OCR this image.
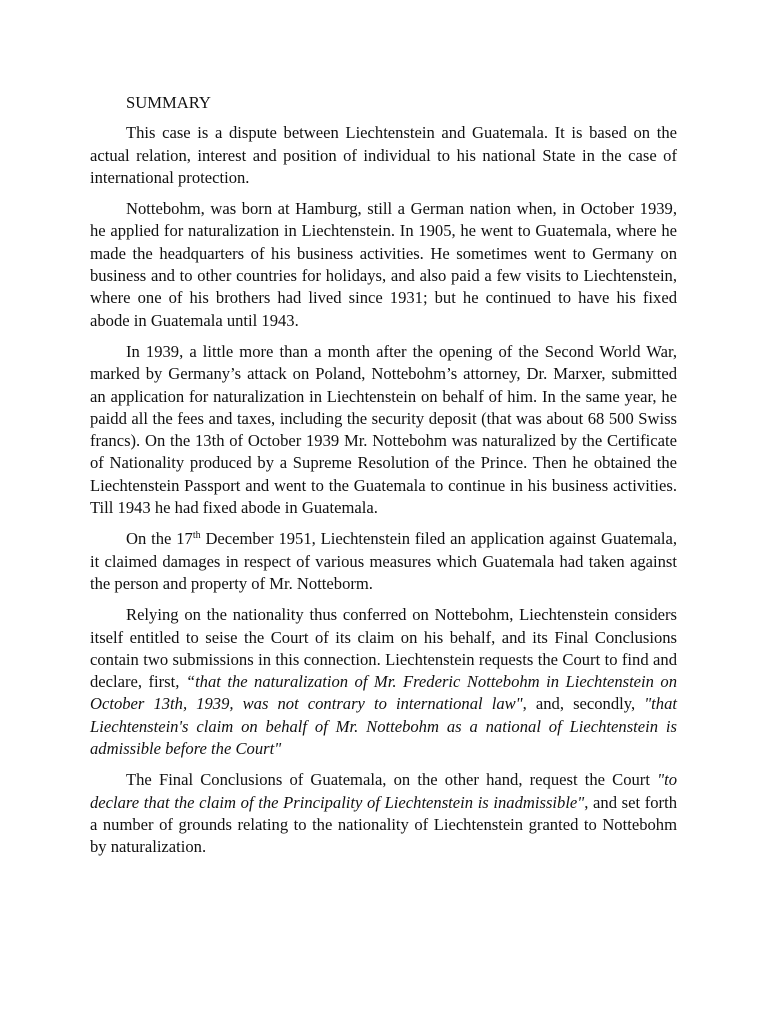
SUMMARY

This case is a dispute between Liechtenstein and Guatemala. It is based on the actual relation, interest and position of individual to his national State in the case of international protection.

Nottebohm, was born at Hamburg, still a German nation when, in October 1939, he applied for naturalization in Liechtenstein. In 1905, he went to Guatemala, where he made the headquarters of his business activities. He sometimes went to Germany on business and to other countries for holidays, and also paid a few visits to Liechtenstein, where one of his brothers had lived since 1931; but he continued to have his fixed abode in Guatemala until 1943.

In 1939, a little more than a month after the opening of the Second World War, marked by Germany’s attack on Poland, Nottebohm’s attorney, Dr. Marxer, submitted an application for naturalization in Liechtenstein on behalf of him. In the same year, he paidd all the fees and taxes, including the security deposit (that was about 68 500 Swiss francs). On the 13th of October 1939 Mr. Nottebohm was naturalized by the Certificate of Nationality produced by a Supreme Resolution of the Prince. Then he obtained the Liechtenstein Passport and went to the Guatemala to continue in his business activities. Till 1943 he had fixed abode in Guatemala.

On the 17th December 1951, Liechtenstein filed an application against Guatemala, it claimed damages in respect of various measures which Guatemala had taken against the person and property of Mr. Notteborm.

Relying on the nationality thus conferred on Nottebohm, Liechtenstein considers itself entitled to seise the Court of its claim on his behalf, and its Final Conclusions contain two submissions in this connection. Liechtenstein requests the Court to find and declare, first, “that the naturalization of Mr. Frederic Nottebohm in Liechtenstein on October 13th, 1939, was not contrary to international law", and, secondly, "that Liechtenstein's claim on behalf of Mr. Nottebohm as a national of Liechtenstein is admissible before the Court"

The Final Conclusions of Guatemala, on the other hand, request the Court "to declare that the claim of the Principality of Liechtenstein is inadmissible", and set forth a number of grounds relating to the nationality of Liechtenstein granted to Nottebohm by naturalization.
